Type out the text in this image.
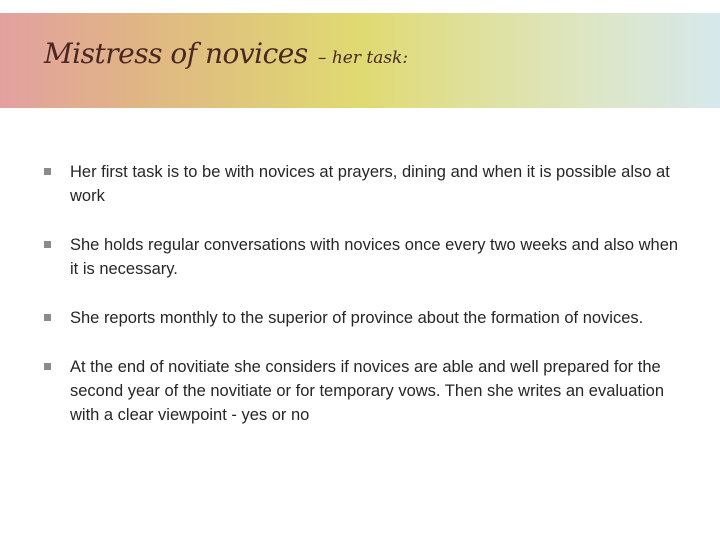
Mistress of novices – her task:
Her first task is to be with novices at prayers, dining and when it is possible also at work
She holds regular conversations with novices once every two weeks and also when it is necessary.
She reports monthly to the superior of province about the formation of novices.
At the end of novitiate she considers if novices are able and well prepared for the second year of the novitiate or for temporary vows. Then she writes an evaluation with a clear viewpoint - yes or no
